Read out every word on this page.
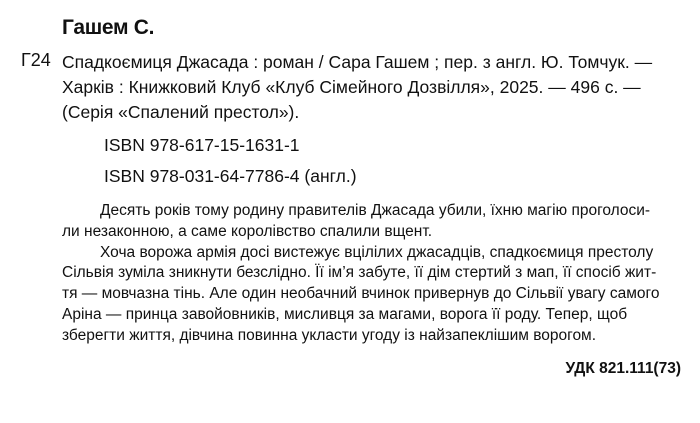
Гашем С.
Г24 Спадкоємиця Джасада : роман / Сара Гашем ; пер. з англ. Ю. Томчук. —
Харків : Книжковий Клуб «Клуб Сімейного Дозвілля», 2025. — 496 с. —
(Серія «Спалений престол»).
ISBN 978-617-15-1631-1
ISBN 978-031-64-7786-4 (англ.)
Десять років тому родину правителів Джасада убили, їхню магію проголоси-
ли незаконною, а саме королівство спалили вщент.
Хоча ворожа армія досі вистежує вцілілих джасадців, спадкоємиця престолу
Сільвія зуміла зникнути безслідно. Її ім’я забуте, її дім стертий з мап, її спосіб жит-
тя — мовчазна тінь. Але один необачний вчинок привернув до Сільвії увагу самого
Аріна — принца завойовників, мисливця за магами, ворога її роду. Тепер, щоб
зберегти життя, дівчина повинна укласти угоду із найзапеклішим ворогом.
УДК 821.111(73)
